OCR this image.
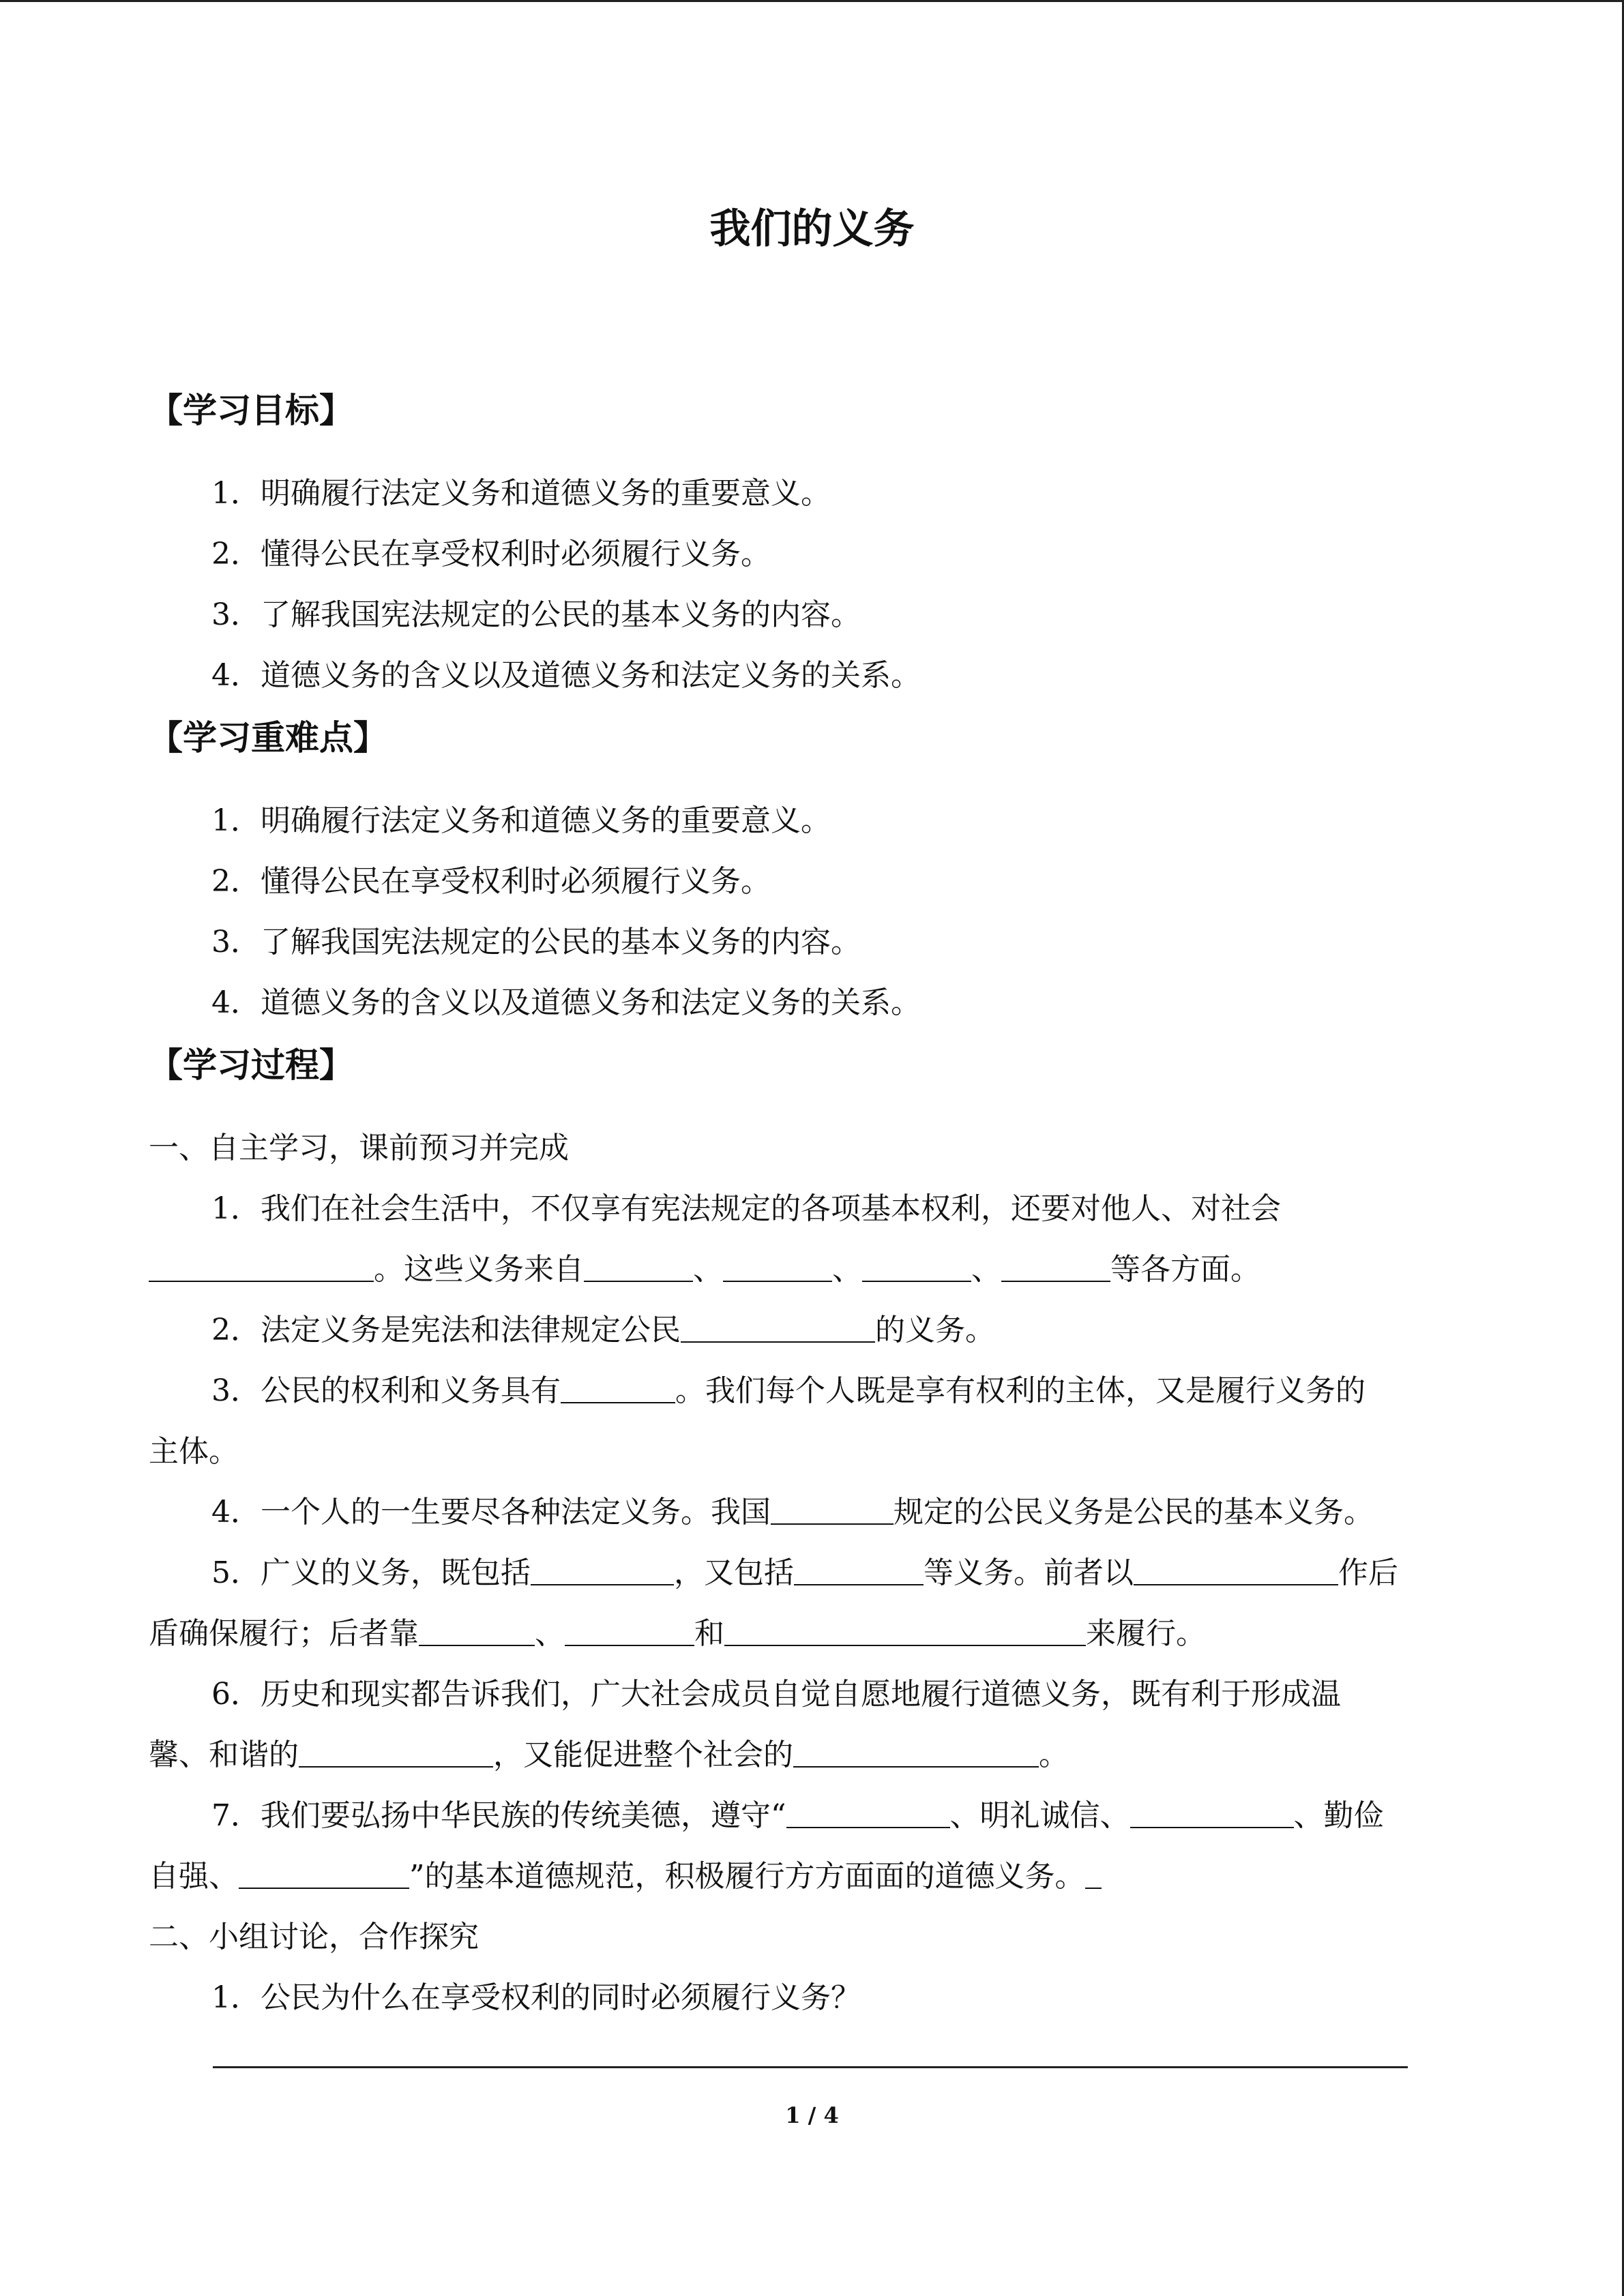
我们的义务
【学习目标】
1．明确履行法定义务和道德义务的重要意义。
2．懂得公民在享受权利时必须履行义务。
3．了解我国宪法规定的公民的基本义务的内容。
4．道德义务的含义以及道德义务和法定义务的关系。
【学习重难点】
1．明确履行法定义务和道德义务的重要意义。
2．懂得公民在享受权利时必须履行义务。
3．了解我国宪法规定的公民的基本义务的内容。
4．道德义务的含义以及道德义务和法定义务的关系。
【学习过程】
一、自主学习，课前预习并完成
1．我们在社会生活中，不仅享有宪法规定的各项基本权利，还要对他人、对社会
。这些义务来自	、	、	、	等各方面。
2．法定义务是宪法和法律规定公民	的义务。
3．公民的权利和义务具有	。我们每个人既是享有权利的主体，又是履行义务的
主体。
4．一个人的一生要尽各种法定义务。我国	规定的公民义务是公民的基本义务。
5．广义的义务，既包括	，又包括	等义务。前者以	作后
盾确保履行；后者靠	、	和	来履行。
6．历史和现实都告诉我们，广大社会成员自觉自愿地履行道德义务，既有利于形成温
馨、和谐的	，又能促进整个社会的	。
7．我们要弘扬中华民族的传统美德，遵守“	、明礼诚信、	、勤俭
自强、	”的基本道德规范，积极履行方方面面的道德义务。
二、小组讨论，合作探究
1．公民为什么在享受权利的同时必须履行义务？
1 / 4
